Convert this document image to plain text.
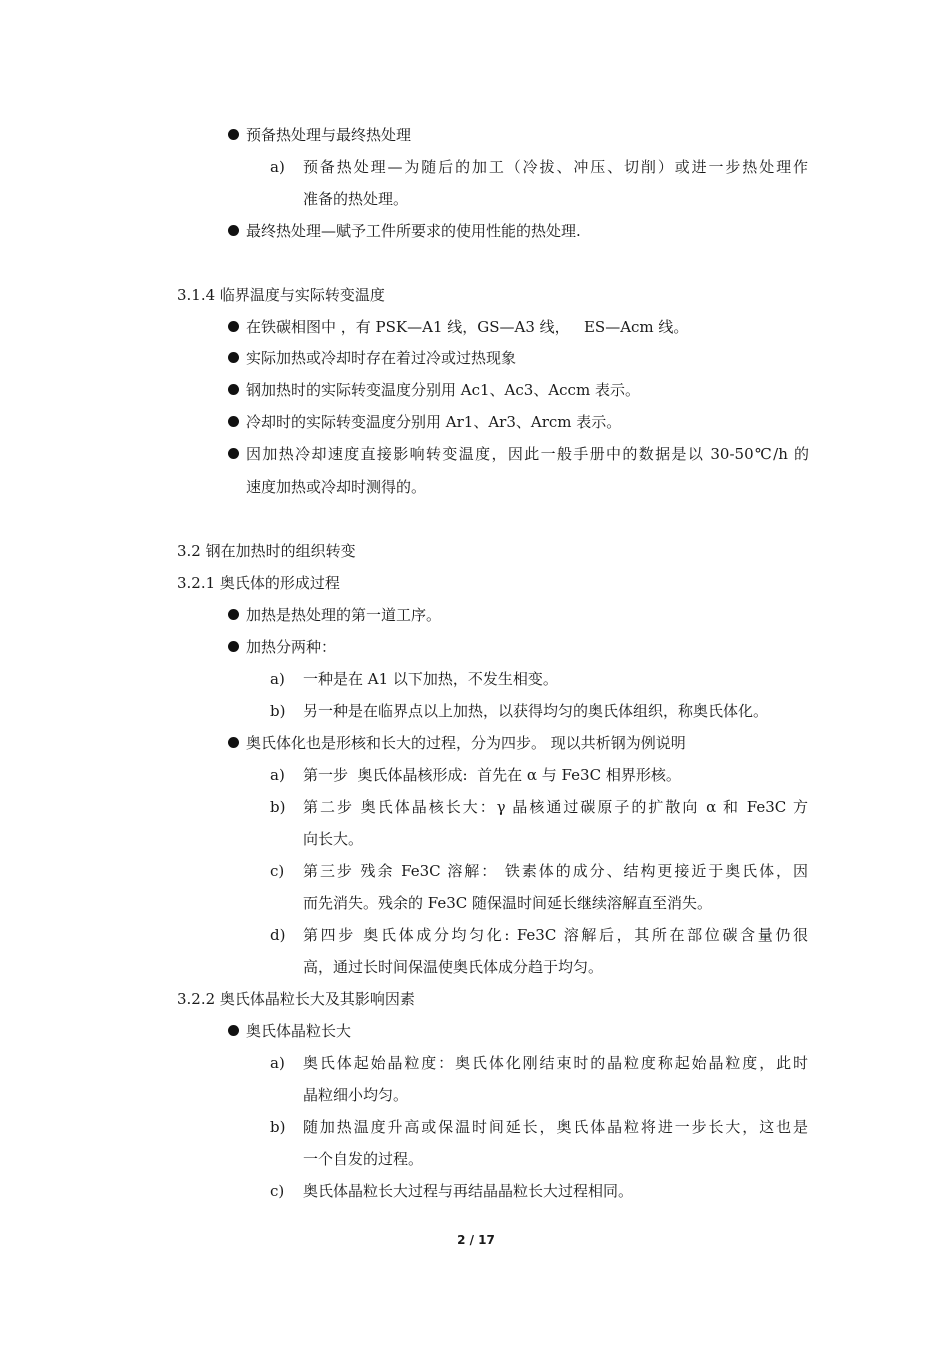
预备热处理与最终热处理
a) 预备热处理—为随后的加工（冷拔、冲压、切削）或进一步热处理作
准备的热处理。
最终热处理—赋予工件所要求的使用性能的热处理.
3.1.4 临界温度与实际转变温度
在铁碳相图中 ，有 PSK—A1 线，GS—A3 线，   ES—Acm 线。
实际加热或冷却时存在着过冷或过热现象
钢加热时的实际转变温度分别用 Ac1、Ac3、Accm 表示。
冷却时的实际转变温度分别用 Ar1、Ar3、Arcm 表示。
因加热冷却速度直接影响转变温度，因此一般手册中的数据是以 30-50℃/h 的
速度加热或冷却时测得的。
3.2 钢在加热时的组织转变
3.2.1 奥氏体的形成过程
加热是热处理的第一道工序。
加热分两种：
a) 一种是在 A1 以下加热，不发生相变。
b) 另一种是在临界点以上加热，以获得均匀的奥氏体组织，称奥氏体化。
奥氏体化也是形核和长大的过程，分为四步。 现以共析钢为例说明
a) 第一步  奥氏体晶核形成:  首先在 α 与 Fe3C 相界形核。
b) 第二步 奥氏体晶核长大：γ 晶核通过碳原子的扩散向 α 和 Fe3C 方
向长大。
c) 第三步 残余 Fe3C 溶解： 铁素体的成分、结构更接近于奥氏体，因
而先消失。残余的 Fe3C 随保温时间延长继续溶解直至消失。
d) 第四步 奥氏体成分均匀化: Fe3C 溶解后，其所在部位碳含量仍很
高，通过长时间保温使奥氏体成分趋于均匀。
3.2.2 奥氏体晶粒长大及其影响因素
奥氏体晶粒长大
a) 奥氏体起始晶粒度：奥氏体化刚结束时的晶粒度称起始晶粒度，此时
晶粒细小均匀。
b) 随加热温度升高或保温时间延长，奥氏体晶粒将进一步长大，这也是
一个自发的过程。
c) 奥氏体晶粒长大过程与再结晶晶粒长大过程相同。
2 / 17
